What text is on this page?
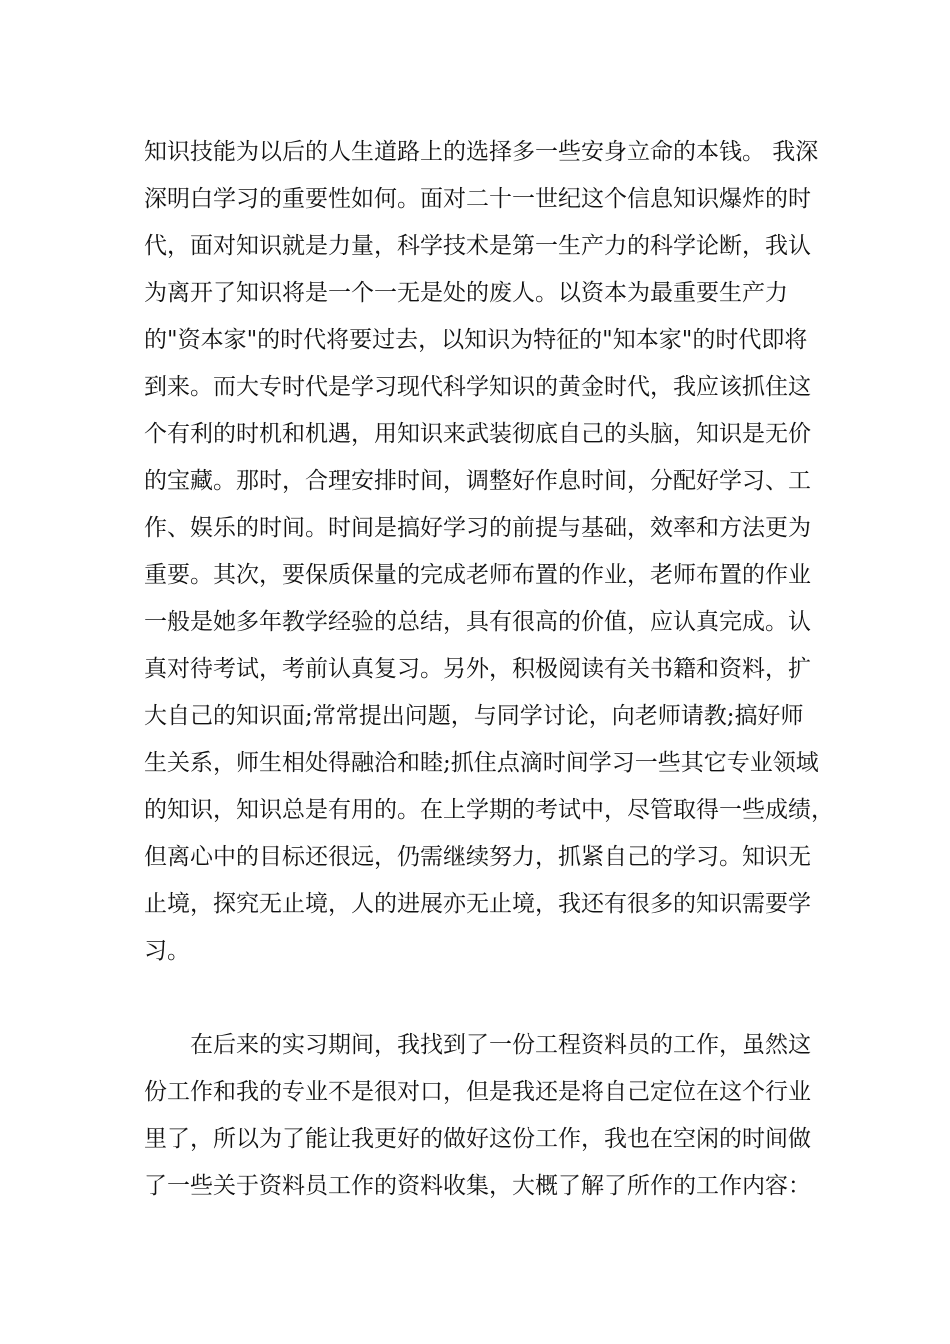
知识技能为以后的人生道路上的选择多一些安身立命的本钱。 我深
深明白学习的重要性如何。面对二十一世纪这个信息知识爆炸的时
代，面对知识就是力量，科学技术是第一生产力的科学论断，我认
为离开了知识将是一个一无是处的废人。以资本为最重要生产力
的"资本家"的时代将要过去，以知识为特征的"知本家"的时代即将
到来。而大专时代是学习现代科学知识的黄金时代，我应该抓住这
个有利的时机和机遇，用知识来武装彻底自己的头脑，知识是无价
的宝藏。那时，合理安排时间，调整好作息时间，分配好学习、工
作、娱乐的时间。时间是搞好学习的前提与基础，效率和方法更为
重要。其次，要保质保量的完成老师布置的作业，老师布置的作业
一般是她多年教学经验的总结，具有很高的价值，应认真完成。认
真对待考试，考前认真复习。另外，积极阅读有关书籍和资料，扩
大自己的知识面;常常提出问题，与同学讨论，向老师请教;搞好师
生关系，师生相处得融洽和睦;抓住点滴时间学习一些其它专业领域
的知识，知识总是有用的。在上学期的考试中，尽管取得一些成绩，
但离心中的目标还很远，仍需继续努力，抓紧自己的学习。知识无
止境，探究无止境，人的进展亦无止境，我还有很多的知识需要学
习。
在后来的实习期间，我找到了一份工程资料员的工作，虽然这
份工作和我的专业不是很对口，但是我还是将自己定位在这个行业
里了，所以为了能让我更好的做好这份工作，我也在空闲的时间做
了一些关于资料员工作的资料收集，大概了解了所作的工作内容：
